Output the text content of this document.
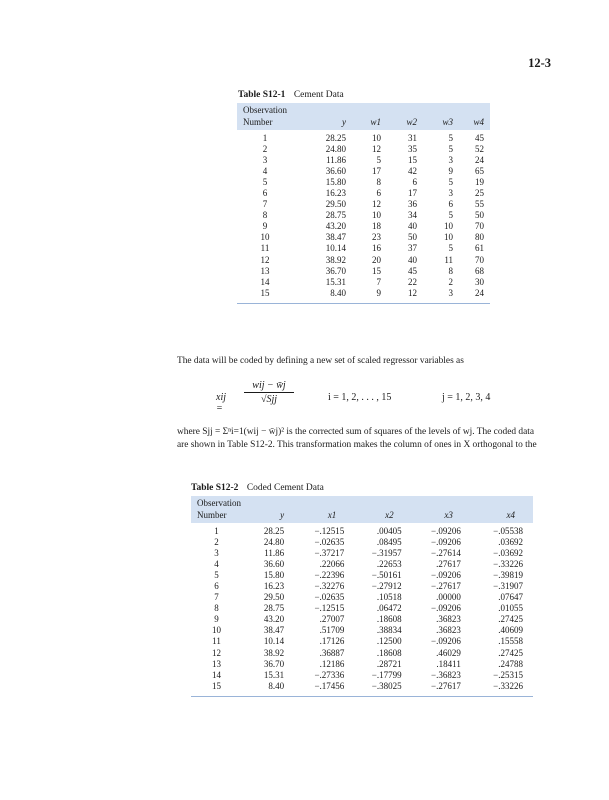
12-3
Table S12-1 Cement Data
Observation					
Number	y	w1	w2	w3	w4
1	28.25	10	31	5	45
2	24.80	12	35	5	52
3	11.86	5	15	3	24
4	36.60	17	42	9	65
5	15.80	8	6	5	19
6	16.23	6	17	3	25
7	29.50	12	36	6	55
8	28.75	10	34	5	50
9	43.20	18	40	10	70
10	38.47	23	50	10	80
11	10.14	16	37	5	61
12	38.92	20	40	11	70
13	36.70	15	45	8	68
14	15.31	7	22	2	30
15	8.40	9	12	3	24

The data will be coded by defining a new set of scaled regressor variables as
xij =
wij − w̄j
√Sjj	i = 1, 2, . . . , 15	j = 1, 2, 3, 4
where Sjj = Σⁿi=1(wij − w̄j)² is the corrected sum of squares of the levels of wj. The coded data
are shown in Table S12-2. This transformation makes the column of ones in X orthogonal to the
Table S12-2 Coded Cement Data
Observation					
Number	y	x1	x2	x3	x4
1	28.25	−.12515	.00405	−.09206	−.05538
2	24.80	−.02635	.08495	−.09206	.03692
3	11.86	−.37217	−.31957	−.27614	−.03692
4	36.60	.22066	.22653	.27617	−.33226
5	15.80	−.22396	−.50161	−.09206	−.39819
6	16.23	−.32276	−.27912	−.27617	−.31907
7	29.50	−.02635	.10518	.00000	.07647
8	28.75	−.12515	.06472	−.09206	.01055
9	43.20	.27007	.18608	.36823	.27425
10	38.47	.51709	.38834	.36823	.40609
11	10.14	.17126	.12500	−.09206	.15558
12	38.92	.36887	.18608	.46029	.27425
13	36.70	.12186	.28721	.18411	.24788
14	15.31	−.27336	−.17799	−.36823	−.25315
15	8.40	−.17456	−.38025	−.27617	−.33226
